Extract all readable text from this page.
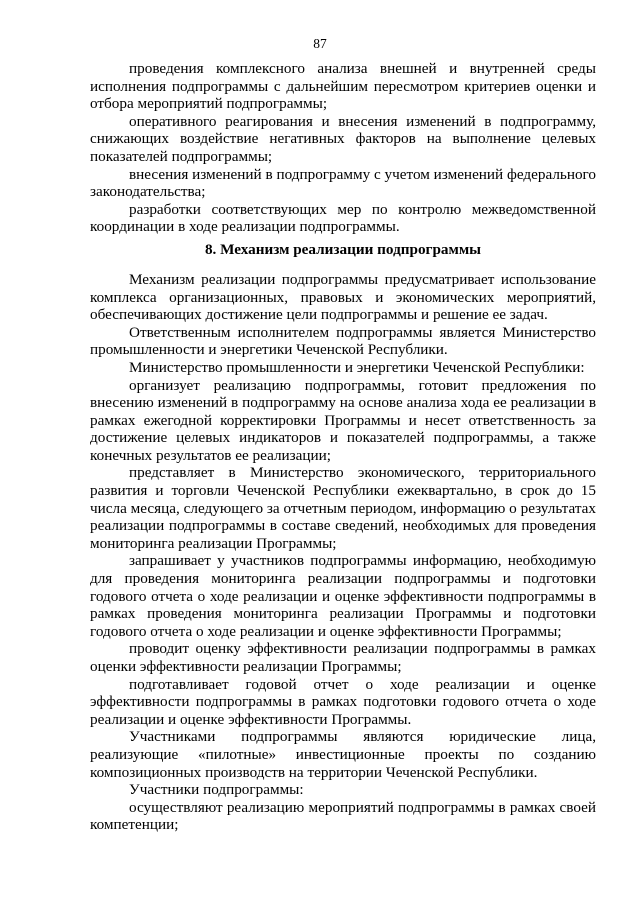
87

проведения комплексного анализа внешней и внутренней среды исполнения подпрограммы с дальнейшим пересмотром критериев оценки и отбора мероприятий подпрограммы;

оперативного реагирования и внесения изменений в подпрограмму, снижающих воздействие негативных факторов на выполнение целевых показателей подпрограммы;

внесения изменений в подпрограмму с учетом изменений федерального законодательства;

разработки соответствующих мер по контролю межведомственной координации в ходе реализации подпрограммы.

8. Механизм реализации подпрограммы

Механизм реализации подпрограммы предусматривает использование комплекса организационных, правовых и экономических мероприятий, обеспечивающих достижение цели подпрограммы и решение ее задач.

Ответственным исполнителем подпрограммы является Министерство промышленности и энергетики Чеченской Республики.

Министерство промышленности и энергетики Чеченской Республики:

организует реализацию подпрограммы, готовит предложения по внесению изменений в подпрограмму на основе анализа хода ее реализации в рамках ежегодной корректировки Программы и несет ответственность за достижение целевых индикаторов и показателей подпрограммы, а также конечных результатов ее реализации;

представляет в Министерство экономического, территориального развития и торговли Чеченской Республики ежеквартально, в срок до 15 числа месяца, следующего за отчетным периодом, информацию о результатах реализации подпрограммы в составе сведений, необходимых для проведения мониторинга реализации Программы;

запрашивает у участников подпрограммы информацию, необходимую для проведения мониторинга реализации подпрограммы и подготовки годового отчета о ходе реализации и оценке эффективности подпрограммы в рамках проведения мониторинга реализации Программы и подготовки годового отчета о ходе реализации и оценке эффективности Программы;

проводит оценку эффективности реализации подпрограммы в рамках оценки эффективности реализации Программы;

подготавливает годовой отчет о ходе реализации и оценке эффективности подпрограммы в рамках подготовки годового отчета о ходе реализации и оценке эффективности Программы.

Участниками подпрограммы являются юридические лица, реализующие «пилотные» инвестиционные проекты по созданию композиционных производств на территории Чеченской Республики.

Участники подпрограммы:

осуществляют реализацию мероприятий подпрограммы в рамках своей компетенции;
